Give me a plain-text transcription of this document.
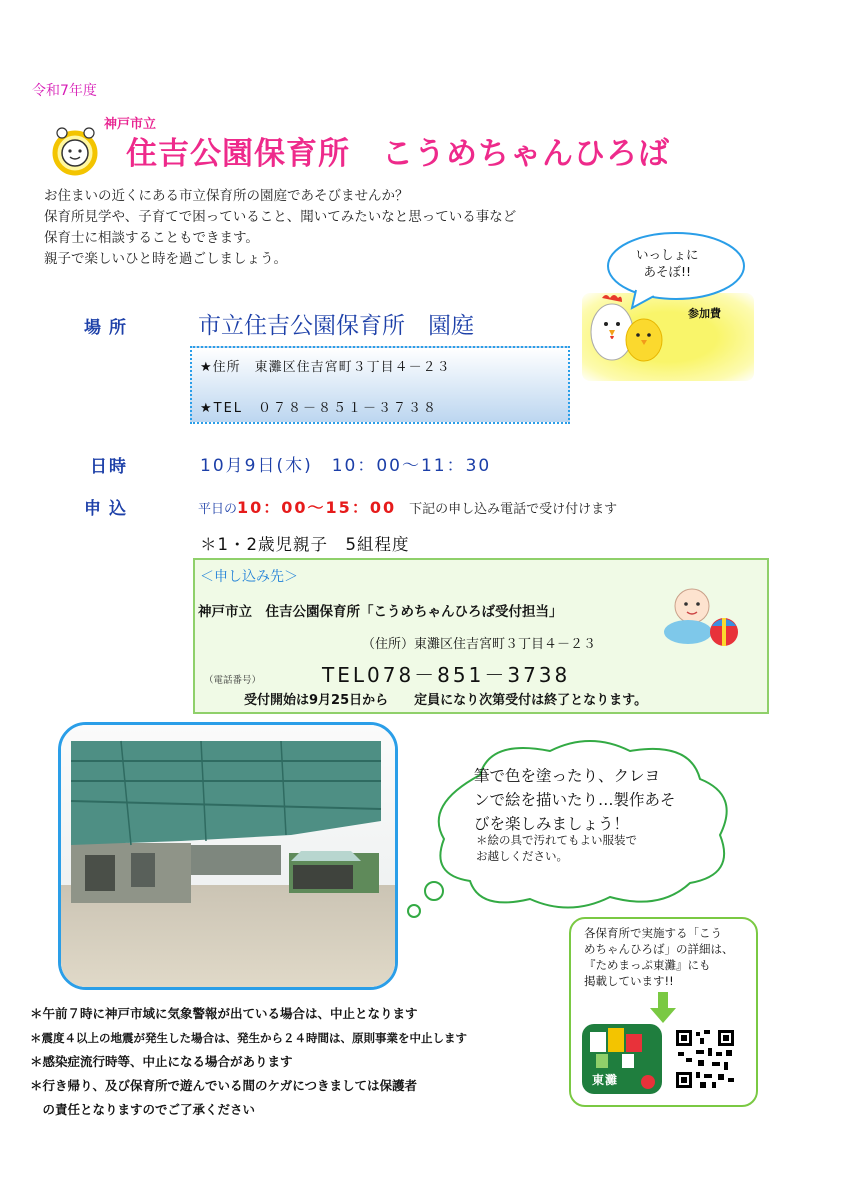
令和7年度
神戸市立
住吉公園保育所　こうめちゃんひろば
お住まいの近くにある市立保育所の園庭であそびませんか？
保育所見学や、子育てで困っていること、聞いてみたいなと思っている事など
保育士に相談することもできます。
親子で楽しいひと時を過ごしましょう。	いっしょに
あそぼ!!
参加費
場所	市立住吉公園保育所　園庭
★住所　東灘区住吉宮町３丁目４－２３
★TEL　０７８－８５１－３７３８
日時	10月9日(木)　10：00～11：30
申込	平日の10：00～15：00　 下記の申し込み電話で受け付けます
＊1・2歳児親子　5組程度
＜申し込み先＞
神戸市立　住吉公園保育所「こうめちゃんひろば受付担当」
（住所）東灘区住吉宮町３丁目４－２３
（電話番号）	TEL078－851－3738
受付開始は9月25日から　　定員になり次第受付は終了となります。
筆で色を塗ったり、クレヨ
ンで絵を描いたり…製作あそ
びを楽しみましょう！
＊絵の具で汚れてもよい服装で
お越しください。
各保育所で実施する「こう
めちゃんひろば」の詳細は、
『ためまっぷ東灘』にも
掲載しています!!
東灘
＊午前７時に神戸市域に気象警報が出ている場合は、中止となります
＊震度４以上の地震が発生した場合は、発生から２４時間は、原則事業を中止します
＊感染症流行時等、中止になる場合があります
＊行き帰り、及び保育所で遊んでいる間のケガにつきましては保護者
　の責任となりますのでご了承ください
